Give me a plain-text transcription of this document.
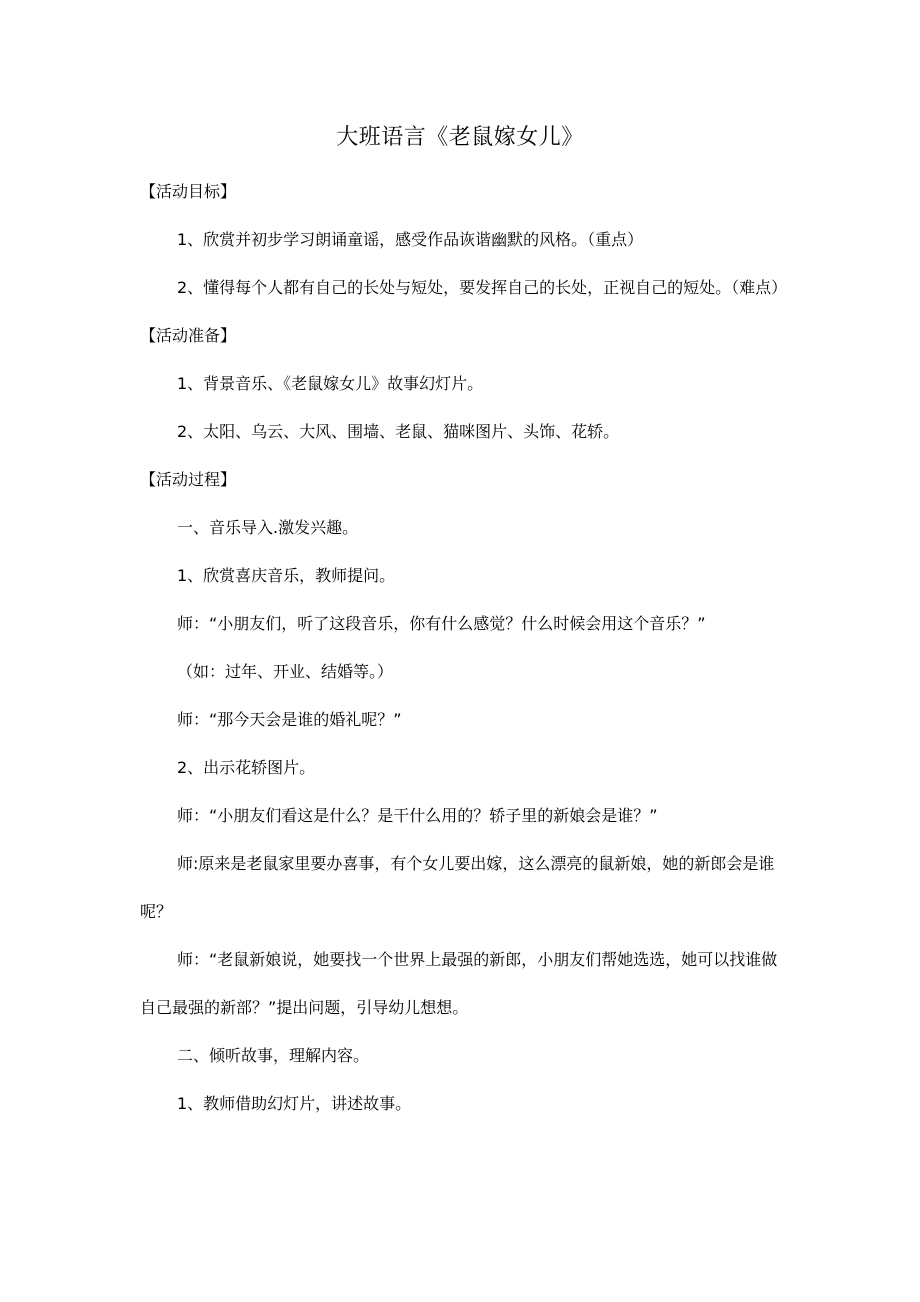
大班语言《老鼠嫁女儿》

【活动目标】

1、欣赏并初步学习朗诵童谣，感受作品诙谐幽默的风格。（重点）

2、懂得每个人都有自己的长处与短处，要发挥自己的长处，正视自己的短处。（难点）

【活动准备】

1、背景音乐、《老鼠嫁女儿》故事幻灯片。

2、太阳、乌云、大风、围墙、老鼠、猫咪图片、头饰、花轿。

【活动过程】

一、音乐导入.激发兴趣。

1、欣赏喜庆音乐，教师提问。

师：“小朋友们，听了这段音乐，你有什么感觉？什么时候会用这个音乐？”

（如：过年、开业、结婚等。）

师：“那今天会是谁的婚礼呢？”

2、出示花轿图片。

师：“小朋友们看这是什么？是干什么用的？轿子里的新娘会是谁？”

师:原来是老鼠家里要办喜事，有个女儿要出嫁，这么漂亮的鼠新娘，她的新郎会是谁呢？

师：“老鼠新娘说，她要找一个世界上最强的新郎，小朋友们帮她选选，她可以找谁做自己最强的新部？”提出问题，引导幼儿想想。

二、倾听故事，理解内容。

1、教师借助幻灯片，讲述故事。
